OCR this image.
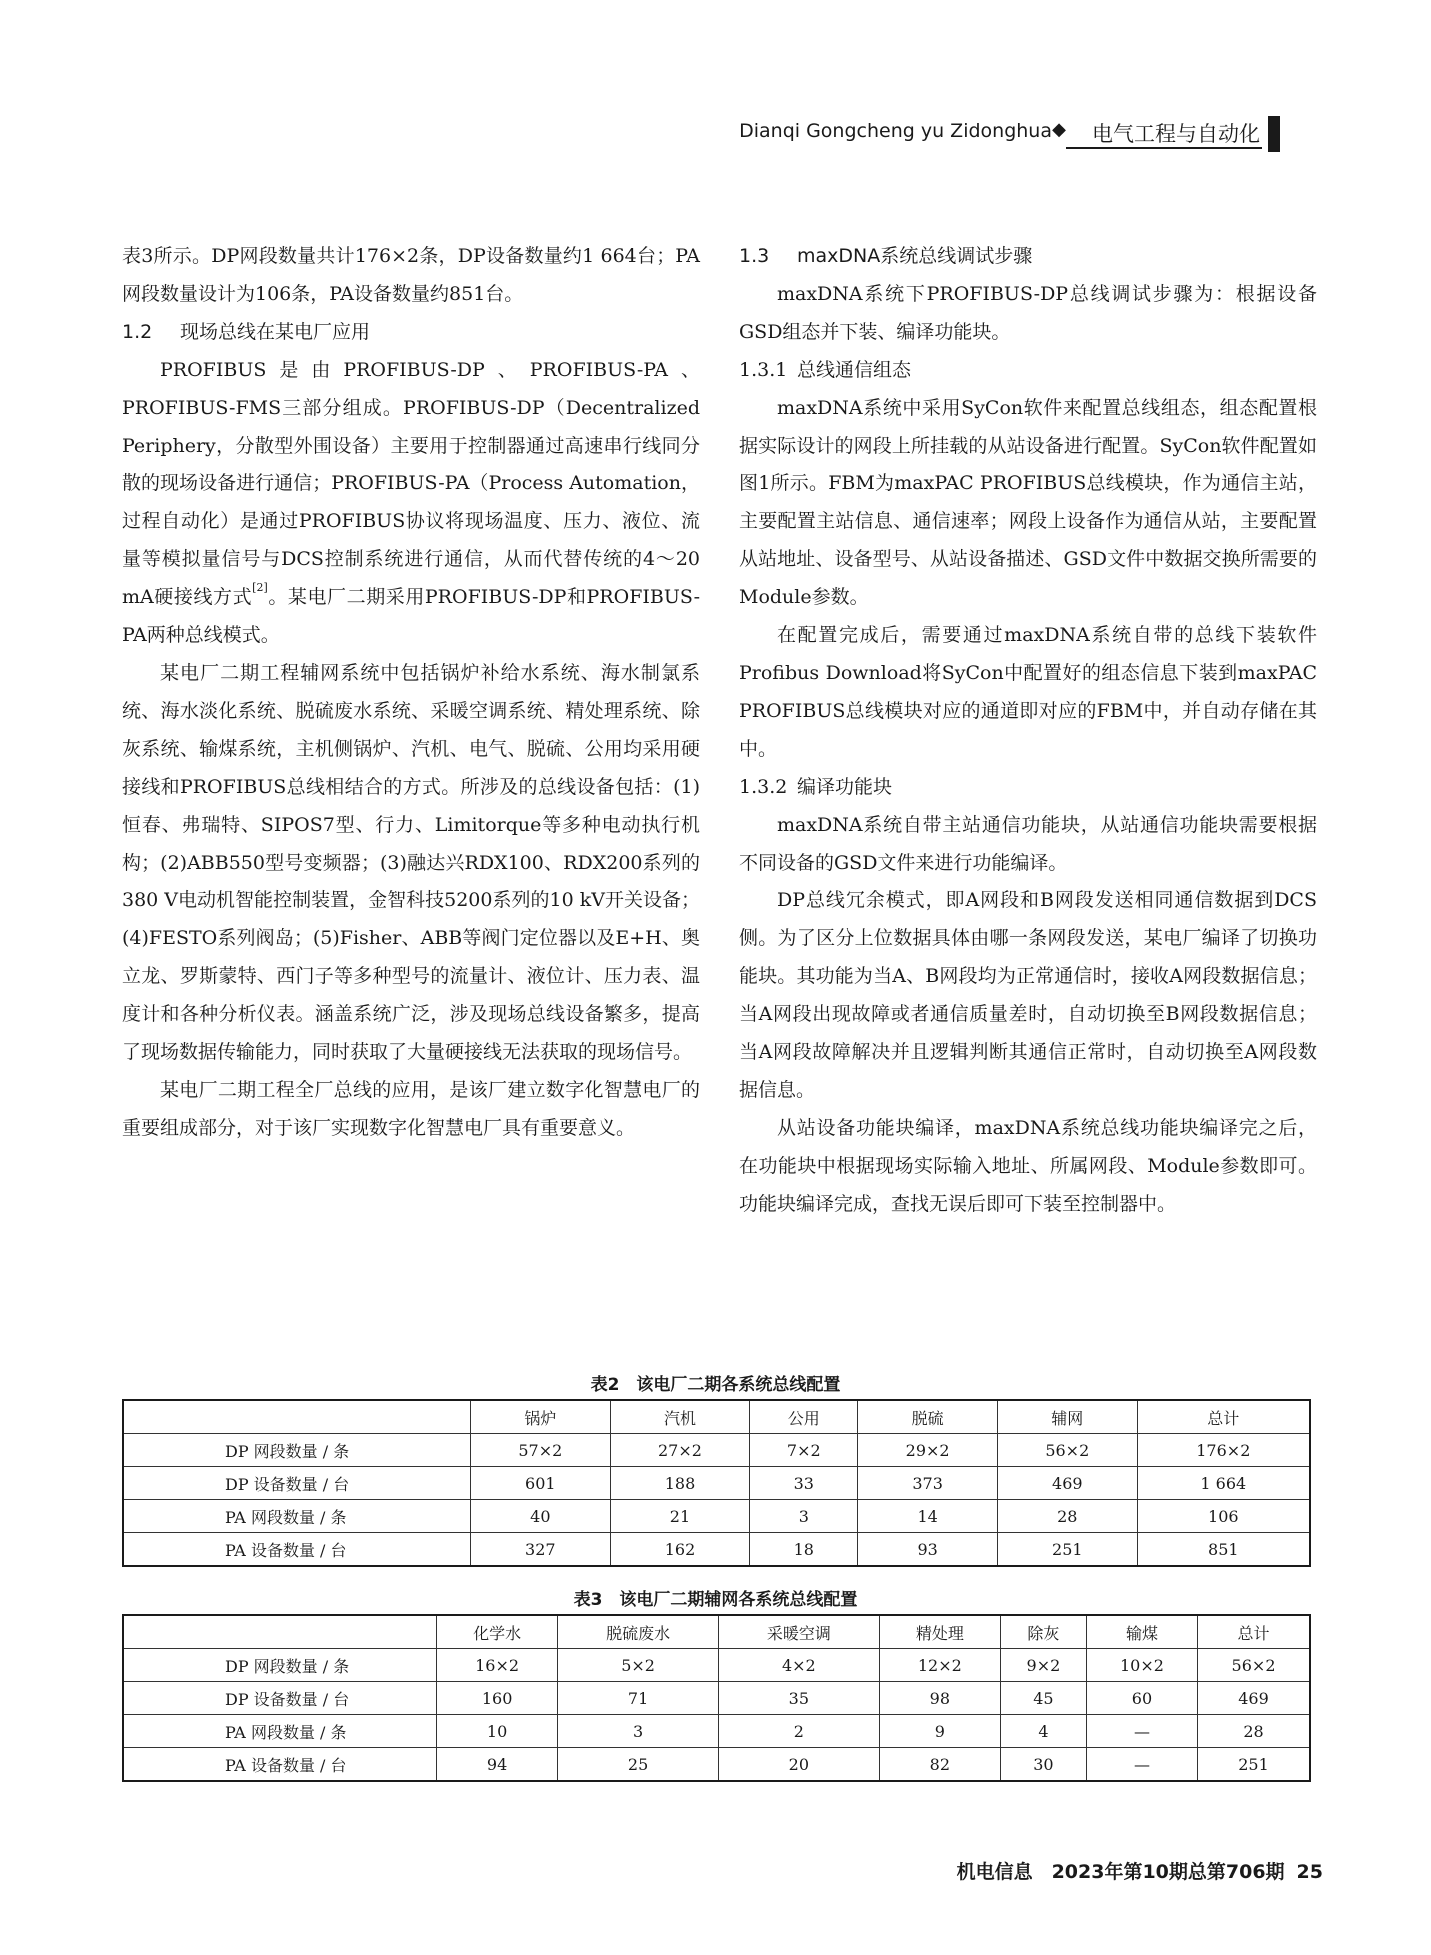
Dianqi Gongcheng yu Zidonghua ◆ 电气工程与自动化

表3所示。DP网段数量共计176×2条，DP设备数量约1 664台；PA网段数量设计为106条，PA设备数量约851台。

1.2 现场总线在某电厂应用

PROFIBUS是由PROFIBUS-DP、PROFIBUS-PA、PROFIBUS-FMS三部分组成。PROFIBUS-DP（Decentralized Periphery，分散型外围设备）主要用于控制器通过高速串行线同分散的现场设备进行通信；PROFIBUS-PA（Process Automation，过程自动化）是通过PROFIBUS协议将现场温度、压力、液位、流量等模拟量信号与DCS控制系统进行通信，从而代替传统的4～20 mA硬接线方式[2]。某电厂二期采用PROFIBUS-DP和PROFIBUS-PA两种总线模式。

某电厂二期工程辅网系统中包括锅炉补给水系统、海水制氯系统、海水淡化系统、脱硫废水系统、采暖空调系统、精处理系统、除灰系统、输煤系统，主机侧锅炉、汽机、电气、脱硫、公用均采用硬接线和PROFIBUS总线相结合的方式。所涉及的总线设备包括：(1)恒春、弗瑞特、SIPOS7型、行力、Limitorque等多种电动执行机构；(2)ABB550型号变频器；(3)融达兴RDX100、RDX200系列的380 V电动机智能控制装置，金智科技5200系列的10 kV开关设备；(4)FESTO系列阀岛；(5)Fisher、ABB等阀门定位器以及E+H、奥立龙、罗斯蒙特、西门子等多种型号的流量计、液位计、压力表、温度计和各种分析仪表。涵盖系统广泛，涉及现场总线设备繁多，提高了现场数据传输能力，同时获取了大量硬接线无法获取的现场信号。

某电厂二期工程全厂总线的应用，是该厂建立数字化智慧电厂的重要组成部分，对于该厂实现数字化智慧电厂具有重要意义。

1.3 maxDNA系统总线调试步骤

maxDNA系统下PROFIBUS-DP总线调试步骤为：根据设备GSD组态并下装、编译功能块。

1.3.1 总线通信组态

maxDNA系统中采用SyCon软件来配置总线组态，组态配置根据实际设计的网段上所挂载的从站设备进行配置。SyCon软件配置如图1所示。FBM为maxPAC PROFIBUS总线模块，作为通信主站，主要配置主站信息、通信速率；网段上设备作为通信从站，主要配置从站地址、设备型号、从站设备描述、GSD文件中数据交换所需要的Module参数。

在配置完成后，需要通过maxDNA系统自带的总线下装软件Profibus Download将SyCon中配置好的组态信息下装到maxPAC PROFIBUS总线模块对应的通道即对应的FBM中，并自动存储在其中。

1.3.2 编译功能块

maxDNA系统自带主站通信功能块，从站通信功能块需要根据不同设备的GSD文件来进行功能编译。

DP总线冗余模式，即A网段和B网段发送相同通信数据到DCS侧。为了区分上位数据具体由哪一条网段发送，某电厂编译了切换功能块。其功能为当A、B网段均为正常通信时，接收A网段数据信息；当A网段出现故障或者通信质量差时，自动切换至B网段数据信息；当A网段故障解决并且逻辑判断其通信正常时，自动切换至A网段数据信息。

从站设备功能块编译，maxDNA系统总线功能块编译完之后，在功能块中根据现场实际输入地址、所属网段、Module参数即可。功能块编译完成，查找无误后即可下装至控制器中。

表2　该电厂二期各系统总线配置
	锅炉	汽机	公用	脱硫	辅网	总计
DP 网段数量 / 条	57×2	27×2	7×2	29×2	56×2	176×2
DP 设备数量 / 台	601	188	33	373	469	1 664
PA 网段数量 / 条	40	21	3	14	28	106
PA 设备数量 / 台	327	162	18	93	251	851
表3　该电厂二期辅网各系统总线配置
	化学水	脱硫废水	采暖空调	精处理	除灰	输煤	总计
DP 网段数量 / 条	16×2	5×2	4×2	12×2	9×2	10×2	56×2
DP 设备数量 / 台	160	71	35	98	45	60	469
PA 网段数量 / 条	10	3	2	9	4	—	28
PA 设备数量 / 台	94	25	20	82	30	—	251
机电信息　2023年第10期总第706期 25
